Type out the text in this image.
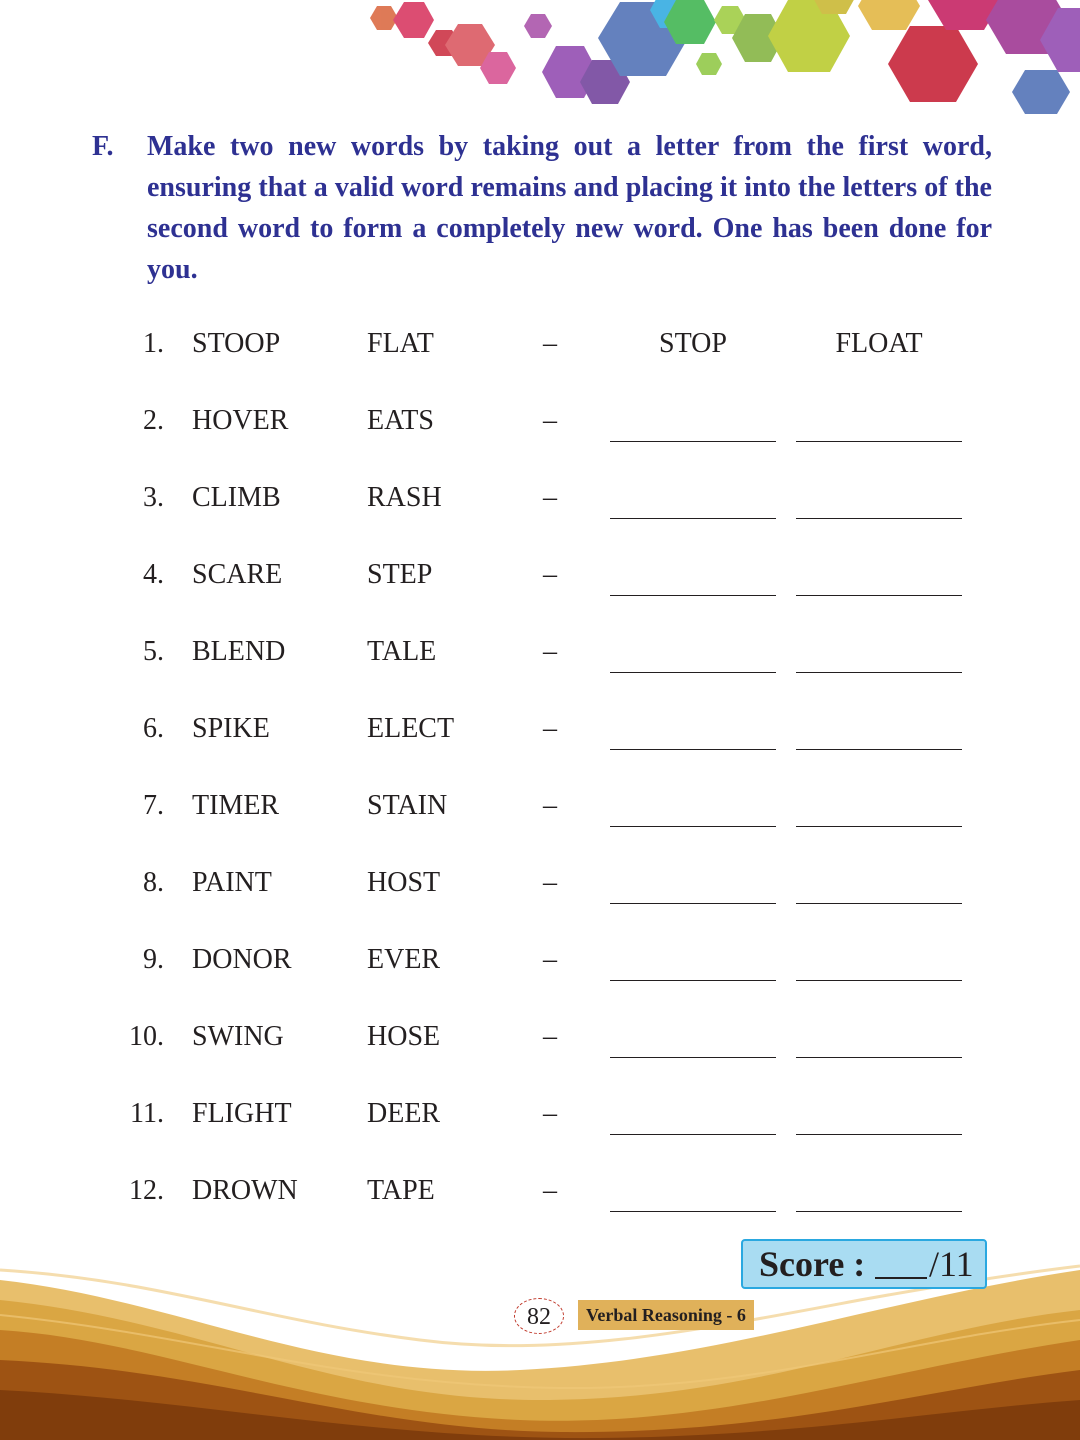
F. Make two new words by taking out a letter from the first word, ensuring that a valid word remains and placing it into the letters of the second word to form a completely new word. One has been done for you.
1. STOOP	FLAT	–	STOP	FLOAT
2. HOVER	EATS	–
3. CLIMB	RASH	–
4. SCARE	STEP	–
5. BLEND	TALE	–
6. SPIKE	ELECT	–
7. TIMER	STAIN	–
8. PAINT	HOST	–
9. DONOR	EVER	–
10. SWING	HOSE	–
11. FLIGHT	DEER	–
12. DROWN TAPE	–
Score : /11
82	Verbal Reasoning - 6
